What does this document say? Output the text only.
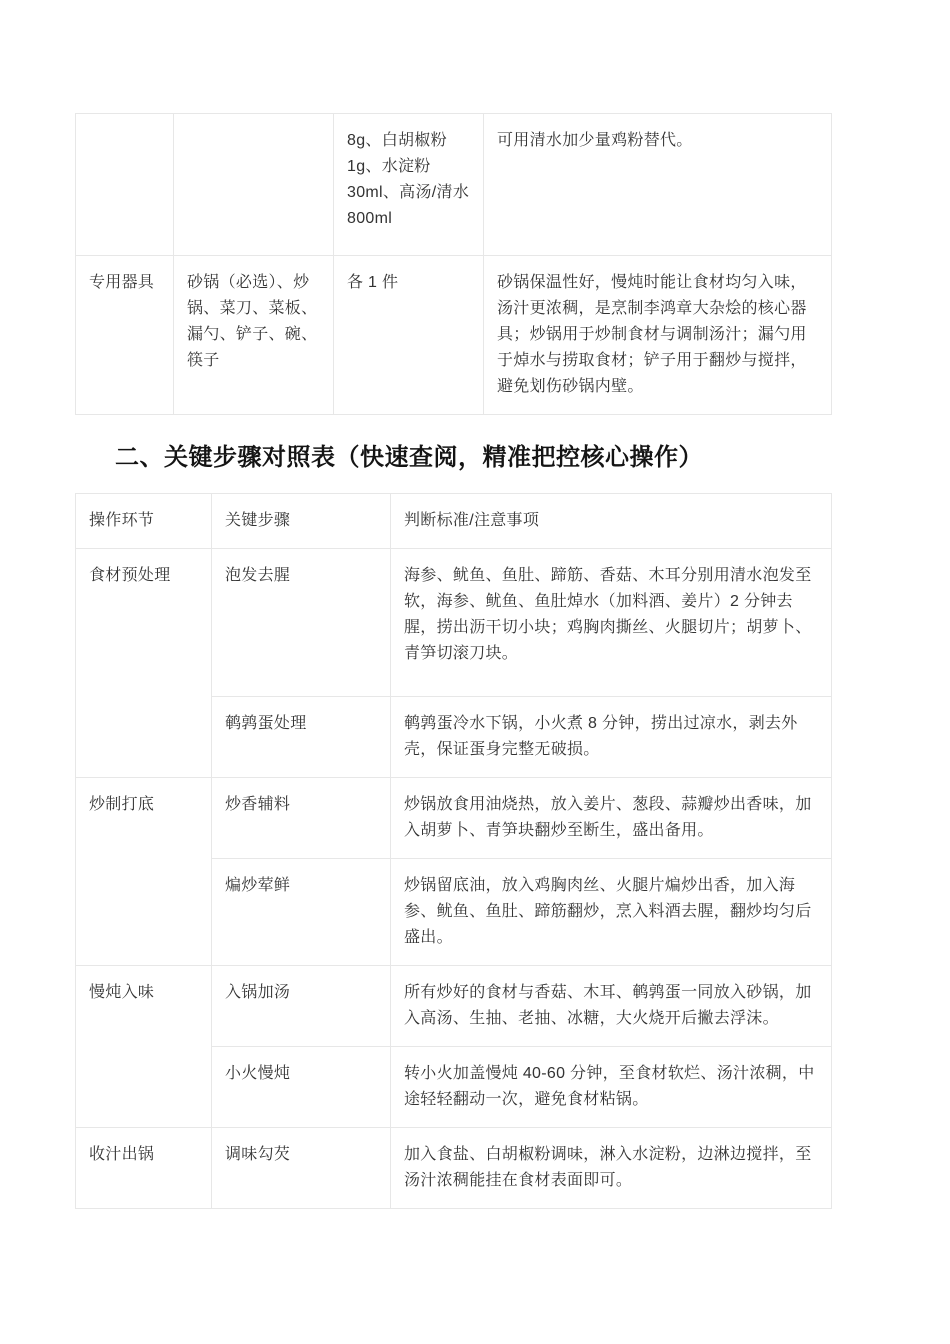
		8g、白胡椒粉 1g、水淀粉 30ml、高汤/清水 800ml	可用清水加少量鸡粉替代。
专用器具	砂锅（必选）、炒锅、菜刀、菜板、漏勺、铲子、碗、筷子	各 1 件	砂锅保温性好，慢炖时能让食材均匀入味，汤汁更浓稠，是烹制李鸿章大杂烩的核心器具；炒锅用于炒制食材与调制汤汁；漏勺用于焯水与捞取食材；铲子用于翻炒与搅拌，避免划伤砂锅内壁。
二、关键步骤对照表（快速查阅，精准把控核心操作）
操作环节	关键步骤	判断标准/注意事项
食材预处理	泡发去腥	海参、鱿鱼、鱼肚、蹄筋、香菇、木耳分别用清水泡发至软，海参、鱿鱼、鱼肚焯水（加料酒、姜片）2 分钟去腥，捞出沥干切小块；鸡胸肉撕丝、火腿切片；胡萝卜、青笋切滚刀块。
	鹌鹑蛋处理	鹌鹑蛋冷水下锅，小火煮 8 分钟，捞出过凉水，剥去外壳，保证蛋身完整无破损。
炒制打底	炒香辅料	炒锅放食用油烧热，放入姜片、葱段、蒜瓣炒出香味，加入胡萝卜、青笋块翻炒至断生，盛出备用。
	煸炒荤鲜	炒锅留底油，放入鸡胸肉丝、火腿片煸炒出香，加入海参、鱿鱼、鱼肚、蹄筋翻炒，烹入料酒去腥，翻炒均匀后盛出。
慢炖入味	入锅加汤	所有炒好的食材与香菇、木耳、鹌鹑蛋一同放入砂锅，加入高汤、生抽、老抽、冰糖，大火烧开后撇去浮沫。
	小火慢炖	转小火加盖慢炖 40-60 分钟，至食材软烂、汤汁浓稠，中途轻轻翻动一次，避免食材粘锅。
收汁出锅	调味勾芡	加入食盐、白胡椒粉调味，淋入水淀粉，边淋边搅拌，至汤汁浓稠能挂在食材表面即可。
